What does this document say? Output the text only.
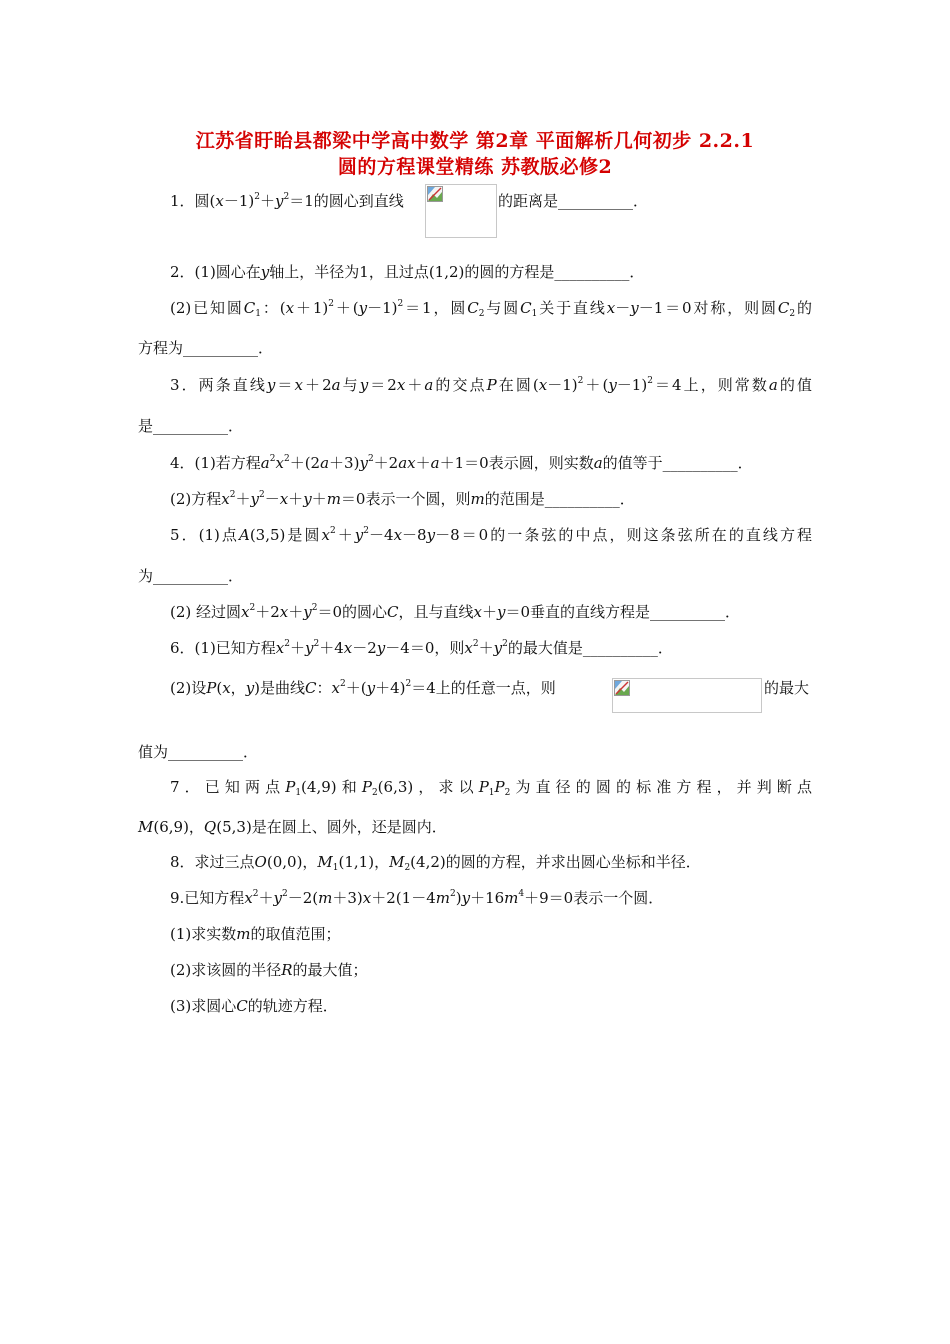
江苏省盱眙县都梁中学高中数学 第2章 平面解析几何初步 2.2.1
圆的方程课堂精练 苏教版必修2
1．圆$(x-1)^2+y^2=1$的圆心到直线	的距离是__________．
2．(1)圆心在y轴上，半径为1，且过点(1,2)的圆的方程是__________．
(2)已知圆$C_1$：$(x+1)^2+(y-1)^2=1$，圆$C_2$与圆$C_1$关于直线x－y－1＝0对称，则圆$C_2$的
方程为__________．
3．两条直线y＝x＋2a与y＝2x＋a的交点P在圆$(x-1)^2+(y-1)^2=4$上，则常数a的值
是__________．
4．(1)若方程$a^2x^2+(2a+3)y^2+2ax+a+1=0$表示圆，则实数a的值等于__________．
(2)方程$x^2+y^2-x+y+m=0$表示一个圆，则m的范围是__________．
5．(1)点A(3,5)是圆$x^2+y^2-4x-8y-8=0$的一条弦的中点，则这条弦所在的直线方程
为__________．
(2) 经过圆$x^2+2x+y^2=0$的圆心C，且与直线x＋y＝0垂直的直线方程是__________．
6．(1)已知方程$x^2+y^2+4x-2y-4=0$，则$x^2+y^2$的最大值是__________．
(2)设P(x，y)是曲线C：$x^2+(y+4)^2=4$上的任意一点，则	的最大
值为__________．
7．已知两点$P_1(4,9)$和$P_2(6,3)$，求以$P_1P_2$为直径的圆的标准方程，并判断点
M(6,9)，Q(5,3)是在圆上、圆外，还是圆内．
8．求过三点O(0,0)，$M_1(1,1)$，$M_2(4,2)$的圆的方程，并求出圆心坐标和半径．
9.已知方程$x^2+y^2-2(m+3)x+2(1-4m^2)y+16m^4+9=0$表示一个圆．
(1)求实数m的取值范围；
(2)求该圆的半径R的最大值；
(3)求圆心C的轨迹方程．
